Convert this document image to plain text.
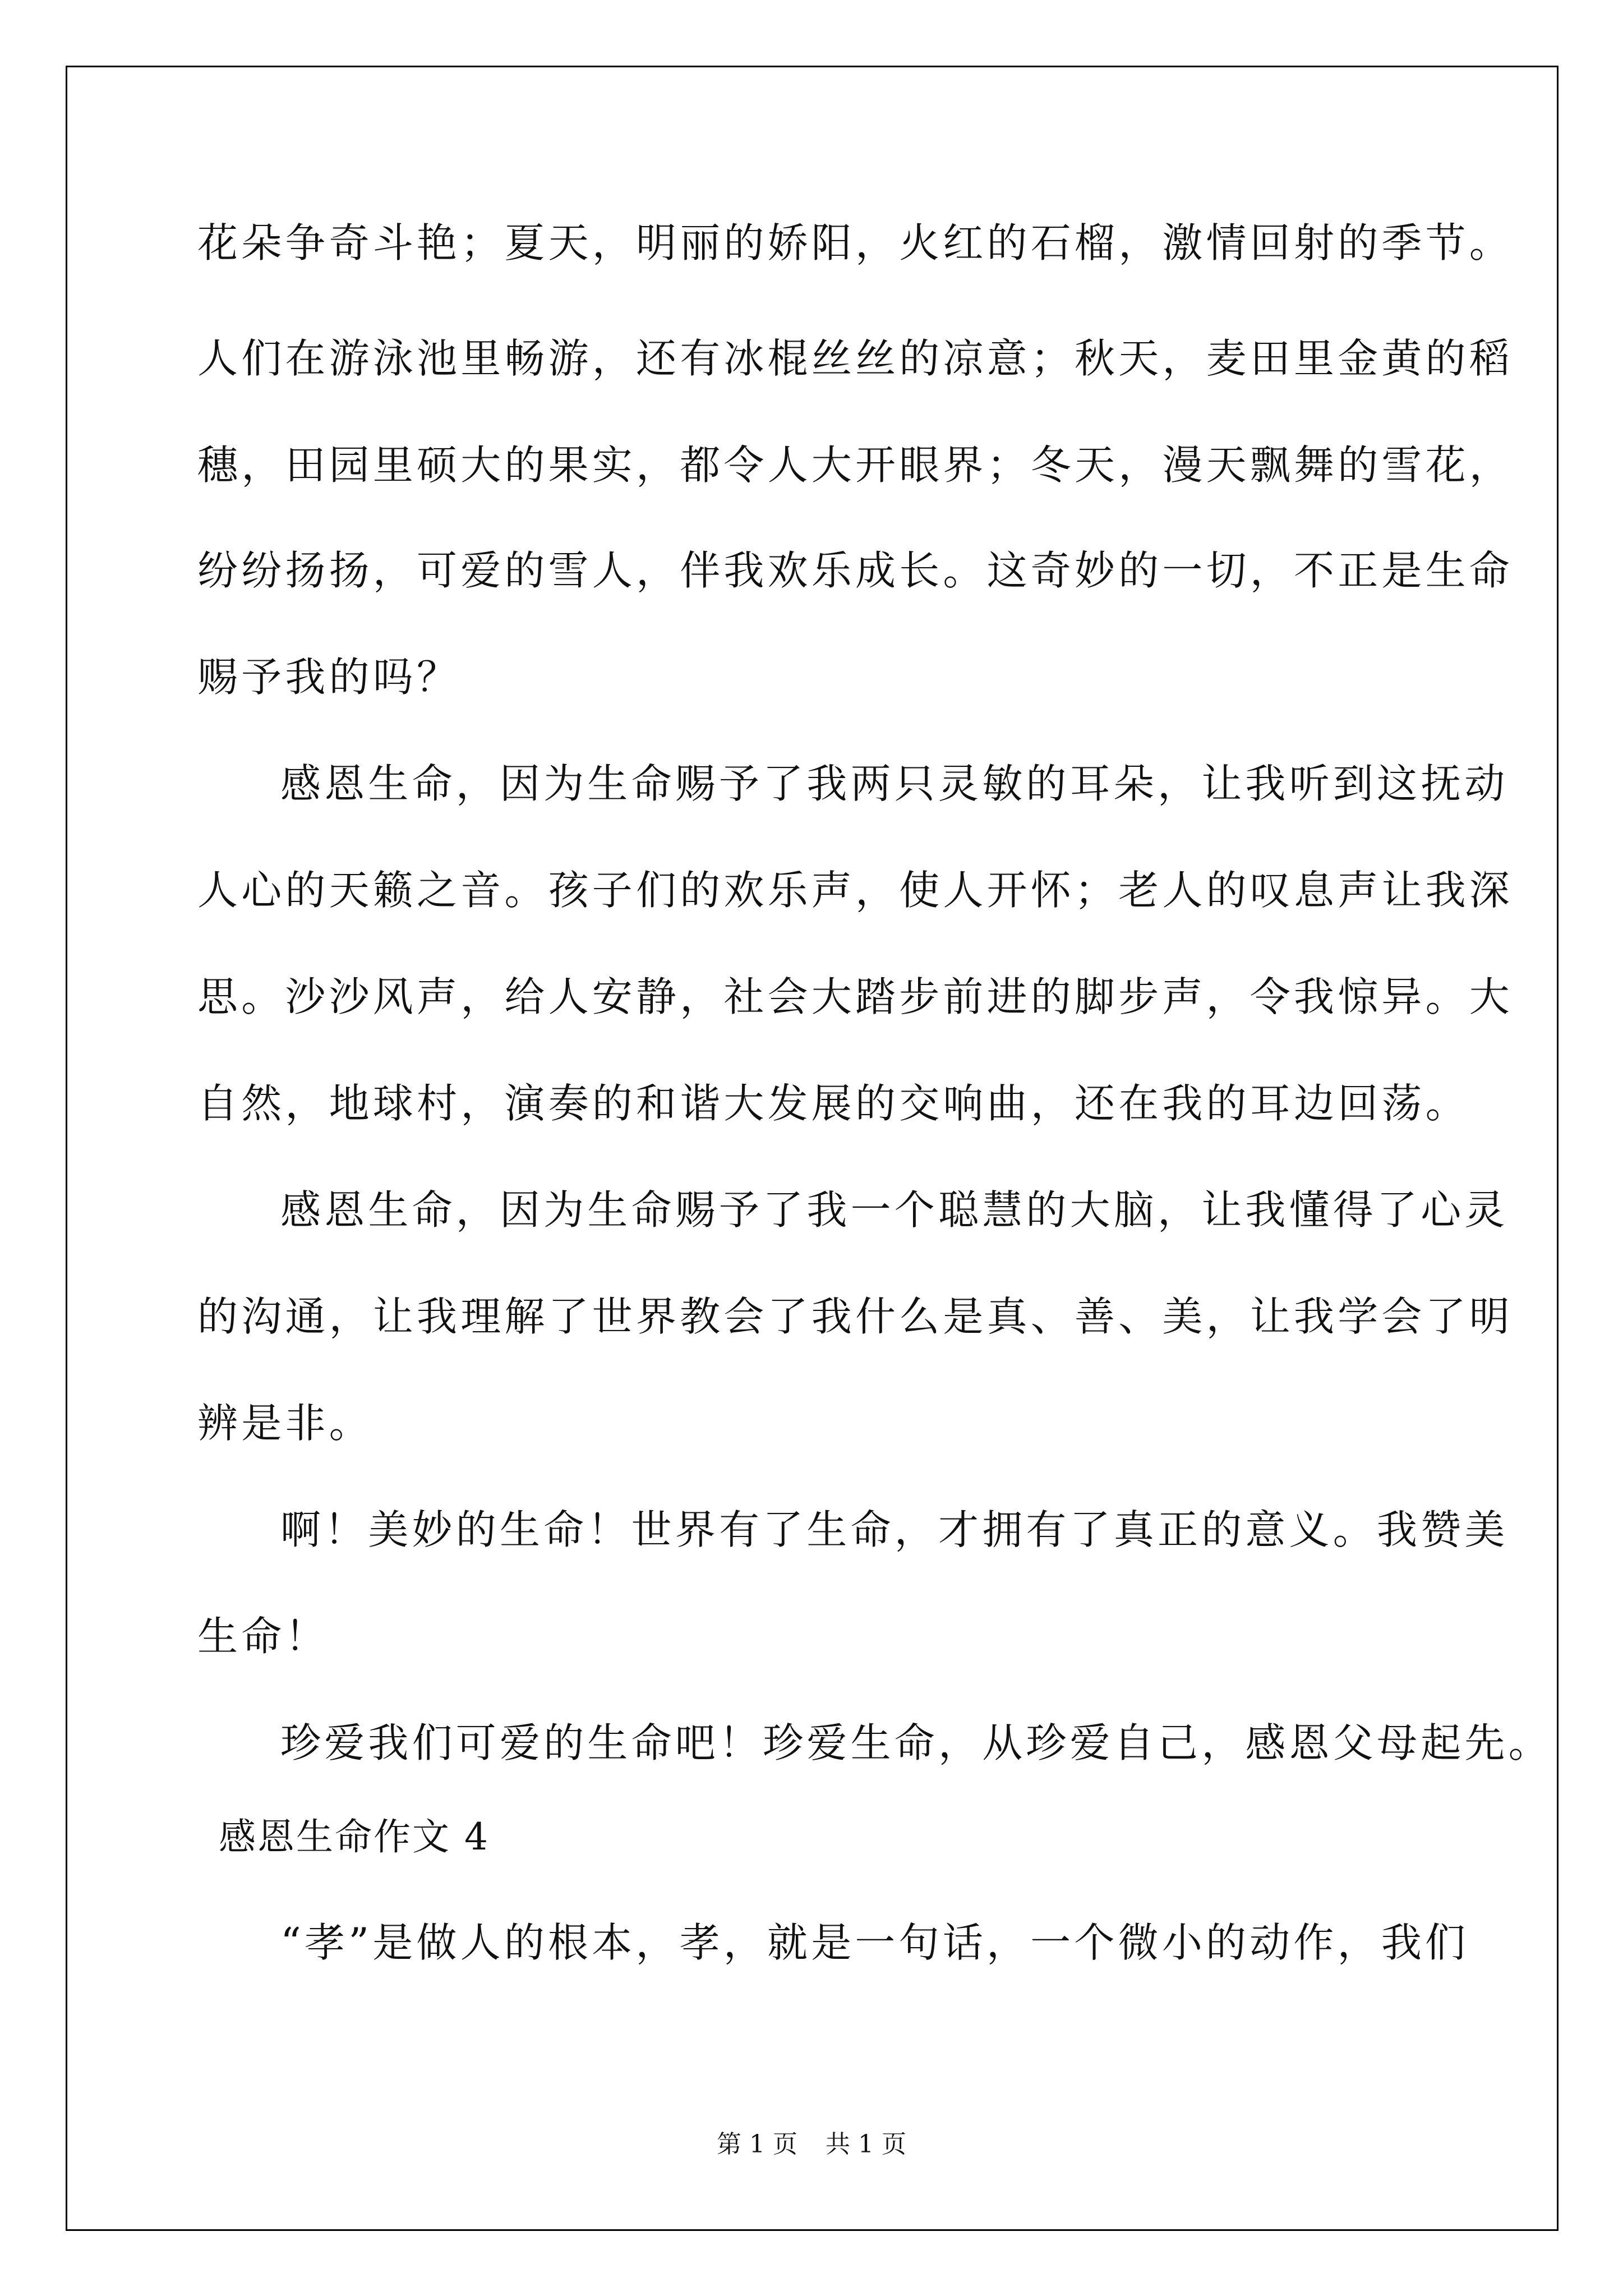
花朵争奇斗艳；夏天，明丽的娇阳，火红的石榴，激情回射的季节。
人们在游泳池里畅游，还有冰棍丝丝的凉意；秋天，麦田里金黄的稻
穗，田园里硕大的果实，都令人大开眼界；冬天，漫天飘舞的雪花，
纷纷扬扬，可爱的雪人，伴我欢乐成长。这奇妙的一切，不正是生命
赐予我的吗？
感恩生命，因为生命赐予了我两只灵敏的耳朵，让我听到这抚动
人心的天籁之音。孩子们的欢乐声，使人开怀；老人的叹息声让我深
思。沙沙风声，给人安静，社会大踏步前进的脚步声，令我惊异。大
自然，地球村，演奏的和谐大发展的交响曲，还在我的耳边回荡。
感恩生命，因为生命赐予了我一个聪慧的大脑，让我懂得了心灵
的沟通，让我理解了世界教会了我什么是真、善、美，让我学会了明
辨是非。
啊！美妙的生命！世界有了生命，才拥有了真正的意义。我赞美
生命！
珍爱我们可爱的生命吧！珍爱生命，从珍爱自己，感恩父母起先。
感恩生命作文 4
“孝”是做人的根本，孝，就是一句话，一个微小的动作，我们
第 1 页 共 1 页
